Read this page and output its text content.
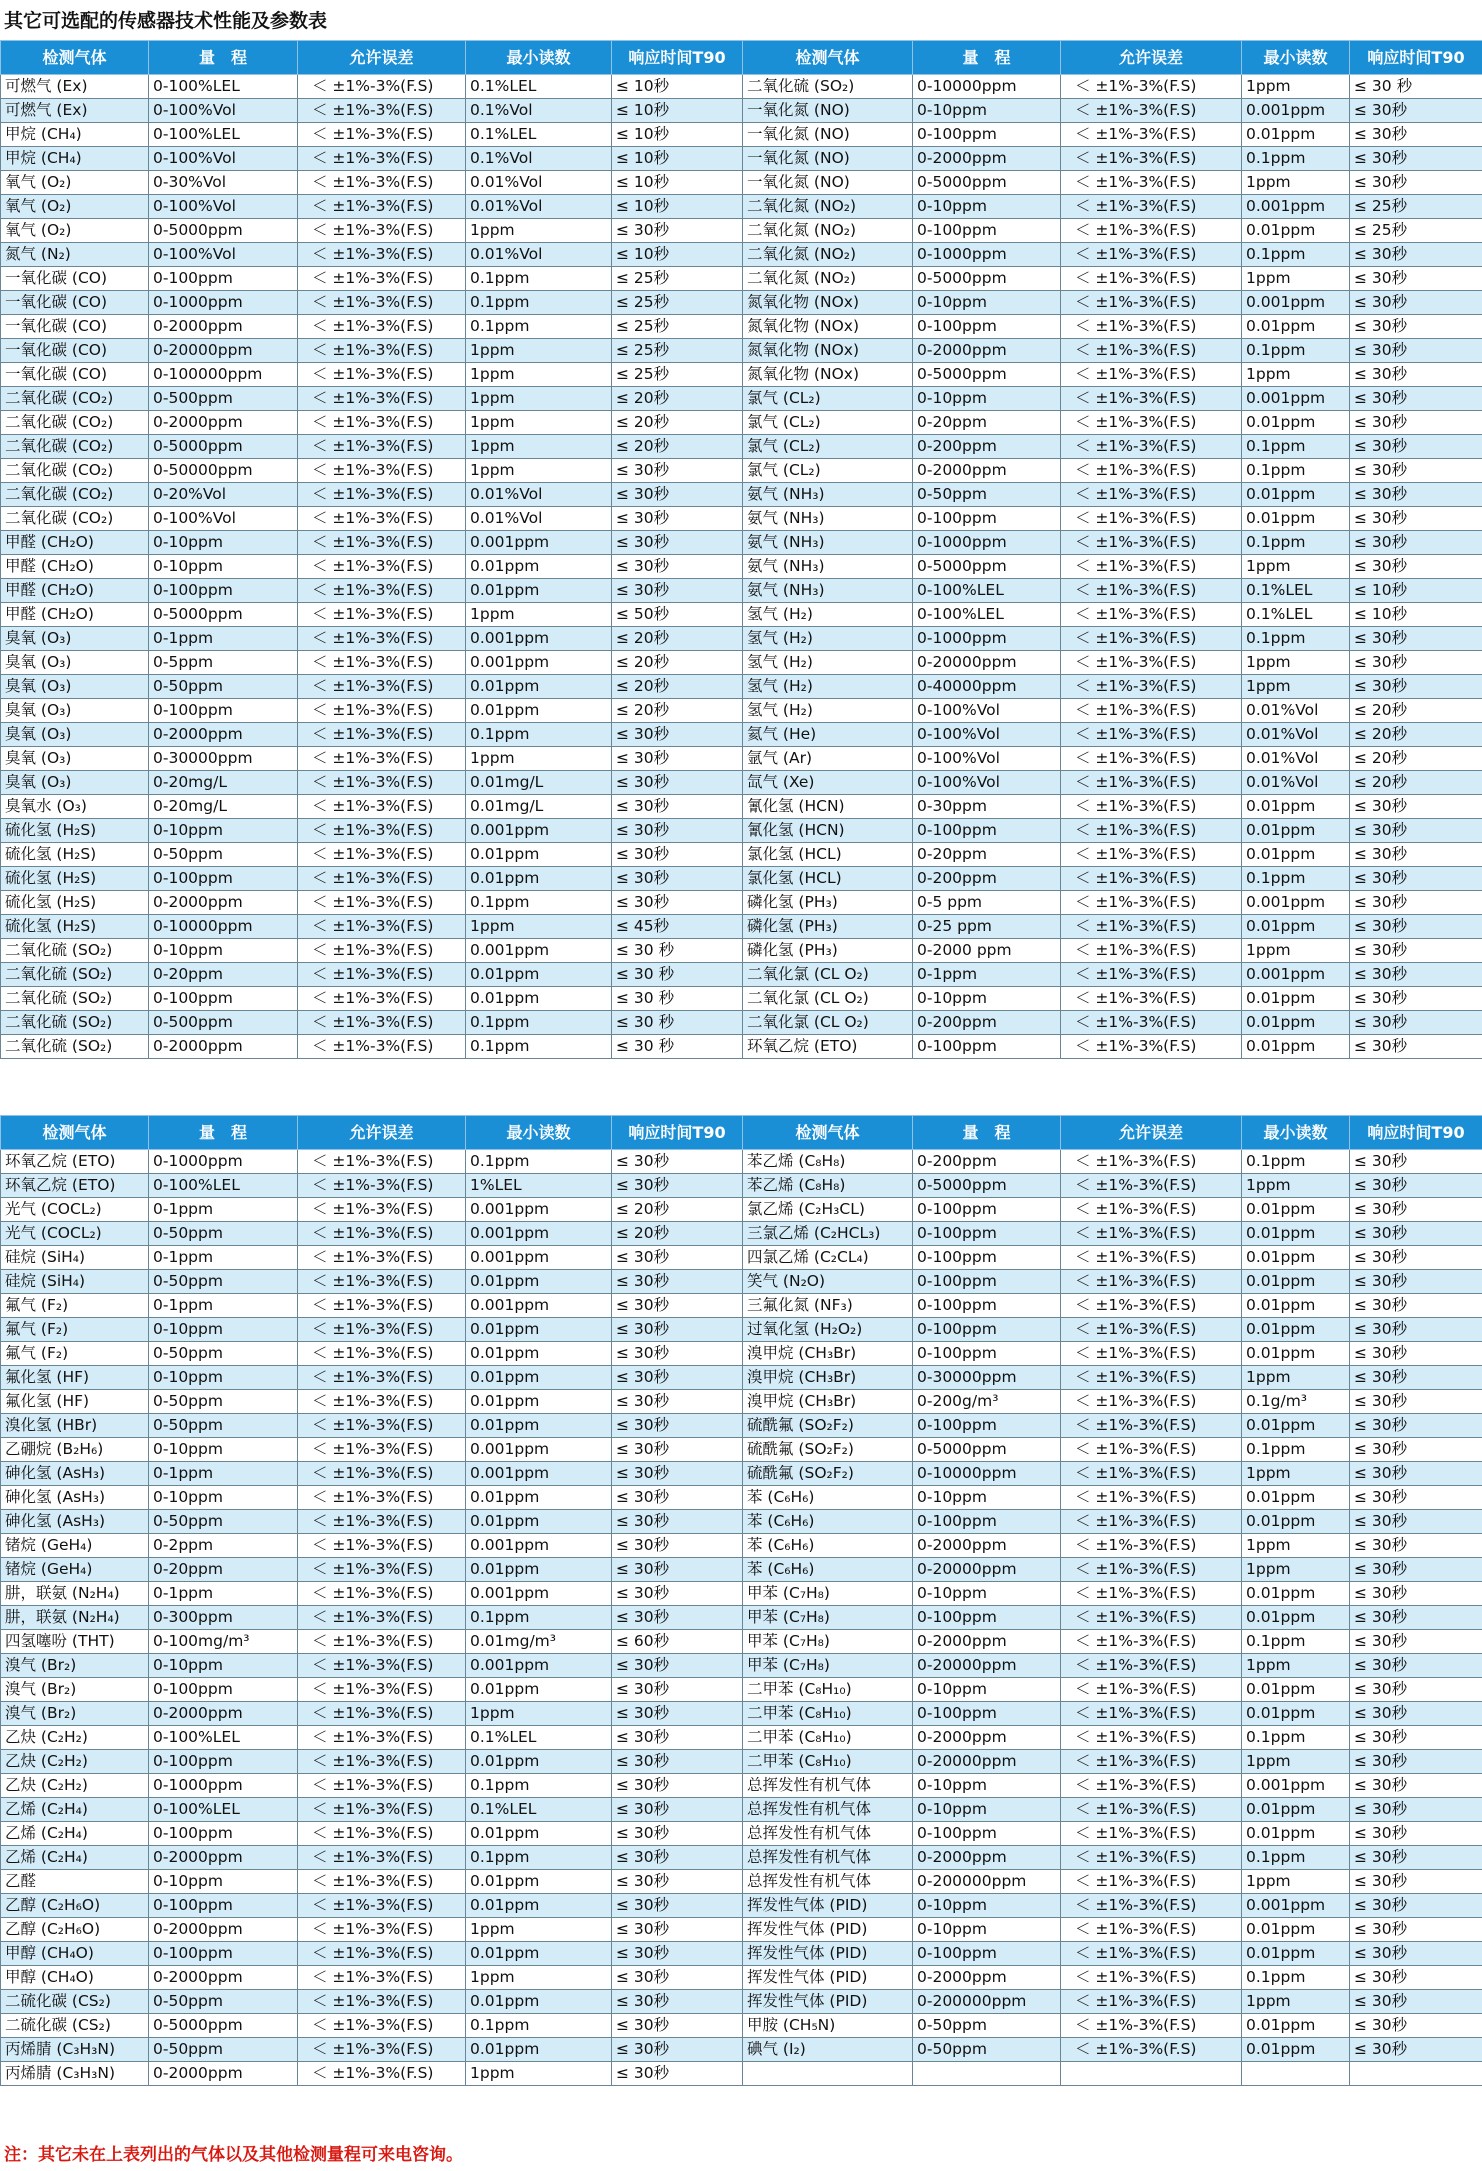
其它可选配的传感器技术性能及参数表
检测气体	量　程	允许误差	最小读数	响应时间T90	检测气体	量　程	允许误差	最小读数	响应时间T90
可燃气 (Ex)	0-100%LEL	＜ ±1%-3%(F.S)	0.1%LEL	≤ 10秒	二氧化硫 (SO₂)	0-10000ppm	＜ ±1%-3%(F.S)	1ppm	≤ 30 秒
可燃气 (Ex)	0-100%Vol	＜ ±1%-3%(F.S)	0.1%Vol	≤ 10秒	一氧化氮 (NO)	0-10ppm	＜ ±1%-3%(F.S)	0.001ppm	≤ 30秒
甲烷 (CH₄)	0-100%LEL	＜ ±1%-3%(F.S)	0.1%LEL	≤ 10秒	一氧化氮 (NO)	0-100ppm	＜ ±1%-3%(F.S)	0.01ppm	≤ 30秒
甲烷 (CH₄)	0-100%Vol	＜ ±1%-3%(F.S)	0.1%Vol	≤ 10秒	一氧化氮 (NO)	0-2000ppm	＜ ±1%-3%(F.S)	0.1ppm	≤ 30秒
氧气 (O₂)	0-30%Vol	＜ ±1%-3%(F.S)	0.01%Vol	≤ 10秒	一氧化氮 (NO)	0-5000ppm	＜ ±1%-3%(F.S)	1ppm	≤ 30秒
氧气 (O₂)	0-100%Vol	＜ ±1%-3%(F.S)	0.01%Vol	≤ 10秒	二氧化氮 (NO₂)	0-10ppm	＜ ±1%-3%(F.S)	0.001ppm	≤ 25秒
氧气 (O₂)	0-5000ppm	＜ ±1%-3%(F.S)	1ppm	≤ 30秒	二氧化氮 (NO₂)	0-100ppm	＜ ±1%-3%(F.S)	0.01ppm	≤ 25秒
氮气 (N₂)	0-100%Vol	＜ ±1%-3%(F.S)	0.01%Vol	≤ 10秒	二氧化氮 (NO₂)	0-1000ppm	＜ ±1%-3%(F.S)	0.1ppm	≤ 30秒
一氧化碳 (CO)	0-100ppm	＜ ±1%-3%(F.S)	0.1ppm	≤ 25秒	二氧化氮 (NO₂)	0-5000ppm	＜ ±1%-3%(F.S)	1ppm	≤ 30秒
一氧化碳 (CO)	0-1000ppm	＜ ±1%-3%(F.S)	0.1ppm	≤ 25秒	氮氧化物 (NOx)	0-10ppm	＜ ±1%-3%(F.S)	0.001ppm	≤ 30秒
一氧化碳 (CO)	0-2000ppm	＜ ±1%-3%(F.S)	0.1ppm	≤ 25秒	氮氧化物 (NOx)	0-100ppm	＜ ±1%-3%(F.S)	0.01ppm	≤ 30秒
一氧化碳 (CO)	0-20000ppm	＜ ±1%-3%(F.S)	1ppm	≤ 25秒	氮氧化物 (NOx)	0-2000ppm	＜ ±1%-3%(F.S)	0.1ppm	≤ 30秒
一氧化碳 (CO)	0-100000ppm	＜ ±1%-3%(F.S)	1ppm	≤ 25秒	氮氧化物 (NOx)	0-5000ppm	＜ ±1%-3%(F.S)	1ppm	≤ 30秒
二氧化碳 (CO₂)	0-500ppm	＜ ±1%-3%(F.S)	1ppm	≤ 20秒	氯气 (CL₂)	0-10ppm	＜ ±1%-3%(F.S)	0.001ppm	≤ 30秒
二氧化碳 (CO₂)	0-2000ppm	＜ ±1%-3%(F.S)	1ppm	≤ 20秒	氯气 (CL₂)	0-20ppm	＜ ±1%-3%(F.S)	0.01ppm	≤ 30秒
二氧化碳 (CO₂)	0-5000ppm	＜ ±1%-3%(F.S)	1ppm	≤ 20秒	氯气 (CL₂)	0-200ppm	＜ ±1%-3%(F.S)	0.1ppm	≤ 30秒
二氧化碳 (CO₂)	0-50000ppm	＜ ±1%-3%(F.S)	1ppm	≤ 30秒	氯气 (CL₂)	0-2000ppm	＜ ±1%-3%(F.S)	0.1ppm	≤ 30秒
二氧化碳 (CO₂)	0-20%Vol	＜ ±1%-3%(F.S)	0.01%Vol	≤ 30秒	氨气 (NH₃)	0-50ppm	＜ ±1%-3%(F.S)	0.01ppm	≤ 30秒
二氧化碳 (CO₂)	0-100%Vol	＜ ±1%-3%(F.S)	0.01%Vol	≤ 30秒	氨气 (NH₃)	0-100ppm	＜ ±1%-3%(F.S)	0.01ppm	≤ 30秒
甲醛 (CH₂O)	0-10ppm	＜ ±1%-3%(F.S)	0.001ppm	≤ 30秒	氨气 (NH₃)	0-1000ppm	＜ ±1%-3%(F.S)	0.1ppm	≤ 30秒
甲醛 (CH₂O)	0-10ppm	＜ ±1%-3%(F.S)	0.01ppm	≤ 30秒	氨气 (NH₃)	0-5000ppm	＜ ±1%-3%(F.S)	1ppm	≤ 30秒
甲醛 (CH₂O)	0-100ppm	＜ ±1%-3%(F.S)	0.01ppm	≤ 30秒	氨气 (NH₃)	0-100%LEL	＜ ±1%-3%(F.S)	0.1%LEL	≤ 10秒
甲醛 (CH₂O)	0-5000ppm	＜ ±1%-3%(F.S)	1ppm	≤ 50秒	氢气 (H₂)	0-100%LEL	＜ ±1%-3%(F.S)	0.1%LEL	≤ 10秒
臭氧 (O₃)	0-1ppm	＜ ±1%-3%(F.S)	0.001ppm	≤ 20秒	氢气 (H₂)	0-1000ppm	＜ ±1%-3%(F.S)	0.1ppm	≤ 30秒
臭氧 (O₃)	0-5ppm	＜ ±1%-3%(F.S)	0.001ppm	≤ 20秒	氢气 (H₂)	0-20000ppm	＜ ±1%-3%(F.S)	1ppm	≤ 30秒
臭氧 (O₃)	0-50ppm	＜ ±1%-3%(F.S)	0.01ppm	≤ 20秒	氢气 (H₂)	0-40000ppm	＜ ±1%-3%(F.S)	1ppm	≤ 30秒
臭氧 (O₃)	0-100ppm	＜ ±1%-3%(F.S)	0.01ppm	≤ 20秒	氢气 (H₂)	0-100%Vol	＜ ±1%-3%(F.S)	0.01%Vol	≤ 20秒
臭氧 (O₃)	0-2000ppm	＜ ±1%-3%(F.S)	0.1ppm	≤ 30秒	氦气 (He)	0-100%Vol	＜ ±1%-3%(F.S)	0.01%Vol	≤ 20秒
臭氧 (O₃)	0-30000ppm	＜ ±1%-3%(F.S)	1ppm	≤ 30秒	氩气 (Ar)	0-100%Vol	＜ ±1%-3%(F.S)	0.01%Vol	≤ 20秒
臭氧 (O₃)	0-20mg/L	＜ ±1%-3%(F.S)	0.01mg/L	≤ 30秒	氙气 (Xe)	0-100%Vol	＜ ±1%-3%(F.S)	0.01%Vol	≤ 20秒
臭氧水 (O₃)	0-20mg/L	＜ ±1%-3%(F.S)	0.01mg/L	≤ 30秒	氰化氢 (HCN)	0-30ppm	＜ ±1%-3%(F.S)	0.01ppm	≤ 30秒
硫化氢 (H₂S)	0-10ppm	＜ ±1%-3%(F.S)	0.001ppm	≤ 30秒	氰化氢 (HCN)	0-100ppm	＜ ±1%-3%(F.S)	0.01ppm	≤ 30秒
硫化氢 (H₂S)	0-50ppm	＜ ±1%-3%(F.S)	0.01ppm	≤ 30秒	氯化氢 (HCL)	0-20ppm	＜ ±1%-3%(F.S)	0.01ppm	≤ 30秒
硫化氢 (H₂S)	0-100ppm	＜ ±1%-3%(F.S)	0.01ppm	≤ 30秒	氯化氢 (HCL)	0-200ppm	＜ ±1%-3%(F.S)	0.1ppm	≤ 30秒
硫化氢 (H₂S)	0-2000ppm	＜ ±1%-3%(F.S)	0.1ppm	≤ 30秒	磷化氢 (PH₃)	0-5 ppm	＜ ±1%-3%(F.S)	0.001ppm	≤ 30秒
硫化氢 (H₂S)	0-10000ppm	＜ ±1%-3%(F.S)	1ppm	≤ 45秒	磷化氢 (PH₃)	0-25 ppm	＜ ±1%-3%(F.S)	0.01ppm	≤ 30秒
二氧化硫 (SO₂)	0-10ppm	＜ ±1%-3%(F.S)	0.001ppm	≤ 30 秒	磷化氢 (PH₃)	0-2000 ppm	＜ ±1%-3%(F.S)	1ppm	≤ 30秒
二氧化硫 (SO₂)	0-20ppm	＜ ±1%-3%(F.S)	0.01ppm	≤ 30 秒	二氧化氯 (CL O₂)	0-1ppm	＜ ±1%-3%(F.S)	0.001ppm	≤ 30秒
二氧化硫 (SO₂)	0-100ppm	＜ ±1%-3%(F.S)	0.01ppm	≤ 30 秒	二氧化氯 (CL O₂)	0-10ppm	＜ ±1%-3%(F.S)	0.01ppm	≤ 30秒
二氧化硫 (SO₂)	0-500ppm	＜ ±1%-3%(F.S)	0.1ppm	≤ 30 秒	二氧化氯 (CL O₂)	0-200ppm	＜ ±1%-3%(F.S)	0.01ppm	≤ 30秒
二氧化硫 (SO₂)	0-2000ppm	＜ ±1%-3%(F.S)	0.1ppm	≤ 30 秒	环氧乙烷 (ETO)	0-100ppm	＜ ±1%-3%(F.S)	0.01ppm	≤ 30秒
检测气体	量　程	允许误差	最小读数	响应时间T90	检测气体	量　程	允许误差	最小读数	响应时间T90
环氧乙烷 (ETO)	0-1000ppm	＜ ±1%-3%(F.S)	0.1ppm	≤ 30秒	苯乙烯 (C₈H₈)	0-200ppm	＜ ±1%-3%(F.S)	0.1ppm	≤ 30秒
环氧乙烷 (ETO)	0-100%LEL	＜ ±1%-3%(F.S)	1%LEL	≤ 30秒	苯乙烯 (C₈H₈)	0-5000ppm	＜ ±1%-3%(F.S)	1ppm	≤ 30秒
光气 (COCL₂)	0-1ppm	＜ ±1%-3%(F.S)	0.001ppm	≤ 20秒	氯乙烯 (C₂H₃CL)	0-100ppm	＜ ±1%-3%(F.S)	0.01ppm	≤ 30秒
光气 (COCL₂)	0-50ppm	＜ ±1%-3%(F.S)	0.001ppm	≤ 20秒	三氯乙烯 (C₂HCL₃)	0-100ppm	＜ ±1%-3%(F.S)	0.01ppm	≤ 30秒
硅烷 (SiH₄)	0-1ppm	＜ ±1%-3%(F.S)	0.001ppm	≤ 30秒	四氯乙烯 (C₂CL₄)	0-100ppm	＜ ±1%-3%(F.S)	0.01ppm	≤ 30秒
硅烷 (SiH₄)	0-50ppm	＜ ±1%-3%(F.S)	0.01ppm	≤ 30秒	笑气 (N₂O)	0-100ppm	＜ ±1%-3%(F.S)	0.01ppm	≤ 30秒
氟气 (F₂)	0-1ppm	＜ ±1%-3%(F.S)	0.001ppm	≤ 30秒	三氟化氮 (NF₃)	0-100ppm	＜ ±1%-3%(F.S)	0.01ppm	≤ 30秒
氟气 (F₂)	0-10ppm	＜ ±1%-3%(F.S)	0.01ppm	≤ 30秒	过氧化氢 (H₂O₂)	0-100ppm	＜ ±1%-3%(F.S)	0.01ppm	≤ 30秒
氟气 (F₂)	0-50ppm	＜ ±1%-3%(F.S)	0.01ppm	≤ 30秒	溴甲烷 (CH₃Br)	0-100ppm	＜ ±1%-3%(F.S)	0.01ppm	≤ 30秒
氟化氢 (HF)	0-10ppm	＜ ±1%-3%(F.S)	0.01ppm	≤ 30秒	溴甲烷 (CH₃Br)	0-30000ppm	＜ ±1%-3%(F.S)	1ppm	≤ 30秒
氟化氢 (HF)	0-50ppm	＜ ±1%-3%(F.S)	0.01ppm	≤ 30秒	溴甲烷 (CH₃Br)	0-200g/m³	＜ ±1%-3%(F.S)	0.1g/m³	≤ 30秒
溴化氢 (HBr)	0-50ppm	＜ ±1%-3%(F.S)	0.01ppm	≤ 30秒	硫酰氟 (SO₂F₂)	0-100ppm	＜ ±1%-3%(F.S)	0.01ppm	≤ 30秒
乙硼烷 (B₂H₆)	0-10ppm	＜ ±1%-3%(F.S)	0.001ppm	≤ 30秒	硫酰氟 (SO₂F₂)	0-5000ppm	＜ ±1%-3%(F.S)	0.1ppm	≤ 30秒
砷化氢 (AsH₃)	0-1ppm	＜ ±1%-3%(F.S)	0.001ppm	≤ 30秒	硫酰氟 (SO₂F₂)	0-10000ppm	＜ ±1%-3%(F.S)	1ppm	≤ 30秒
砷化氢 (AsH₃)	0-10ppm	＜ ±1%-3%(F.S)	0.01ppm	≤ 30秒	苯 (C₆H₆)	0-10ppm	＜ ±1%-3%(F.S)	0.01ppm	≤ 30秒
砷化氢 (AsH₃)	0-50ppm	＜ ±1%-3%(F.S)	0.01ppm	≤ 30秒	苯 (C₆H₆)	0-100ppm	＜ ±1%-3%(F.S)	0.01ppm	≤ 30秒
锗烷 (GeH₄)	0-2ppm	＜ ±1%-3%(F.S)	0.001ppm	≤ 30秒	苯 (C₆H₆)	0-2000ppm	＜ ±1%-3%(F.S)	1ppm	≤ 30秒
锗烷 (GeH₄)	0-20ppm	＜ ±1%-3%(F.S)	0.01ppm	≤ 30秒	苯 (C₆H₆)	0-20000ppm	＜ ±1%-3%(F.S)	1ppm	≤ 30秒
肼，联氨 (N₂H₄)	0-1ppm	＜ ±1%-3%(F.S)	0.001ppm	≤ 30秒	甲苯 (C₇H₈)	0-10ppm	＜ ±1%-3%(F.S)	0.01ppm	≤ 30秒
肼，联氨 (N₂H₄)	0-300ppm	＜ ±1%-3%(F.S)	0.1ppm	≤ 30秒	甲苯 (C₇H₈)	0-100ppm	＜ ±1%-3%(F.S)	0.01ppm	≤ 30秒
四氢噻吩 (THT)	0-100mg/m³	＜ ±1%-3%(F.S)	0.01mg/m³	≤ 60秒	甲苯 (C₇H₈)	0-2000ppm	＜ ±1%-3%(F.S)	0.1ppm	≤ 30秒
溴气 (Br₂)	0-10ppm	＜ ±1%-3%(F.S)	0.001ppm	≤ 30秒	甲苯 (C₇H₈)	0-20000ppm	＜ ±1%-3%(F.S)	1ppm	≤ 30秒
溴气 (Br₂)	0-100ppm	＜ ±1%-3%(F.S)	0.01ppm	≤ 30秒	二甲苯 (C₈H₁₀)	0-10ppm	＜ ±1%-3%(F.S)	0.01ppm	≤ 30秒
溴气 (Br₂)	0-2000ppm	＜ ±1%-3%(F.S)	1ppm	≤ 30秒	二甲苯 (C₈H₁₀)	0-100ppm	＜ ±1%-3%(F.S)	0.01ppm	≤ 30秒
乙炔 (C₂H₂)	0-100%LEL	＜ ±1%-3%(F.S)	0.1%LEL	≤ 30秒	二甲苯 (C₈H₁₀)	0-2000ppm	＜ ±1%-3%(F.S)	0.1ppm	≤ 30秒
乙炔 (C₂H₂)	0-100ppm	＜ ±1%-3%(F.S)	0.01ppm	≤ 30秒	二甲苯 (C₈H₁₀)	0-20000ppm	＜ ±1%-3%(F.S)	1ppm	≤ 30秒
乙炔 (C₂H₂)	0-1000ppm	＜ ±1%-3%(F.S)	0.1ppm	≤ 30秒	总挥发性有机气体	0-10ppm	＜ ±1%-3%(F.S)	0.001ppm	≤ 30秒
乙烯 (C₂H₄)	0-100%LEL	＜ ±1%-3%(F.S)	0.1%LEL	≤ 30秒	总挥发性有机气体	0-10ppm	＜ ±1%-3%(F.S)	0.01ppm	≤ 30秒
乙烯 (C₂H₄)	0-100ppm	＜ ±1%-3%(F.S)	0.01ppm	≤ 30秒	总挥发性有机气体	0-100ppm	＜ ±1%-3%(F.S)	0.01ppm	≤ 30秒
乙烯 (C₂H₄)	0-2000ppm	＜ ±1%-3%(F.S)	0.1ppm	≤ 30秒	总挥发性有机气体	0-2000ppm	＜ ±1%-3%(F.S)	0.1ppm	≤ 30秒
乙醛	0-10ppm	＜ ±1%-3%(F.S)	0.01ppm	≤ 30秒	总挥发性有机气体	0-200000ppm	＜ ±1%-3%(F.S)	1ppm	≤ 30秒
乙醇 (C₂H₆O)	0-100ppm	＜ ±1%-3%(F.S)	0.01ppm	≤ 30秒	挥发性气体 (PID)	0-10ppm	＜ ±1%-3%(F.S)	0.001ppm	≤ 30秒
乙醇 (C₂H₆O)	0-2000ppm	＜ ±1%-3%(F.S)	1ppm	≤ 30秒	挥发性气体 (PID)	0-10ppm	＜ ±1%-3%(F.S)	0.01ppm	≤ 30秒
甲醇 (CH₄O)	0-100ppm	＜ ±1%-3%(F.S)	0.01ppm	≤ 30秒	挥发性气体 (PID)	0-100ppm	＜ ±1%-3%(F.S)	0.01ppm	≤ 30秒
甲醇 (CH₄O)	0-2000ppm	＜ ±1%-3%(F.S)	1ppm	≤ 30秒	挥发性气体 (PID)	0-2000ppm	＜ ±1%-3%(F.S)	0.1ppm	≤ 30秒
二硫化碳 (CS₂)	0-50ppm	＜ ±1%-3%(F.S)	0.01ppm	≤ 30秒	挥发性气体 (PID)	0-200000ppm	＜ ±1%-3%(F.S)	1ppm	≤ 30秒
二硫化碳 (CS₂)	0-5000ppm	＜ ±1%-3%(F.S)	0.1ppm	≤ 30秒	甲胺 (CH₅N)	0-50ppm	＜ ±1%-3%(F.S)	0.01ppm	≤ 30秒
丙烯腈 (C₃H₃N)	0-50ppm	＜ ±1%-3%(F.S)	0.01ppm	≤ 30秒	碘气 (I₂)	0-50ppm	＜ ±1%-3%(F.S)	0.01ppm	≤ 30秒
丙烯腈 (C₃H₃N)	0-2000ppm	＜ ±1%-3%(F.S)	1ppm	≤ 30秒					
注：其它未在上表列出的气体以及其他检测量程可来电咨询。
